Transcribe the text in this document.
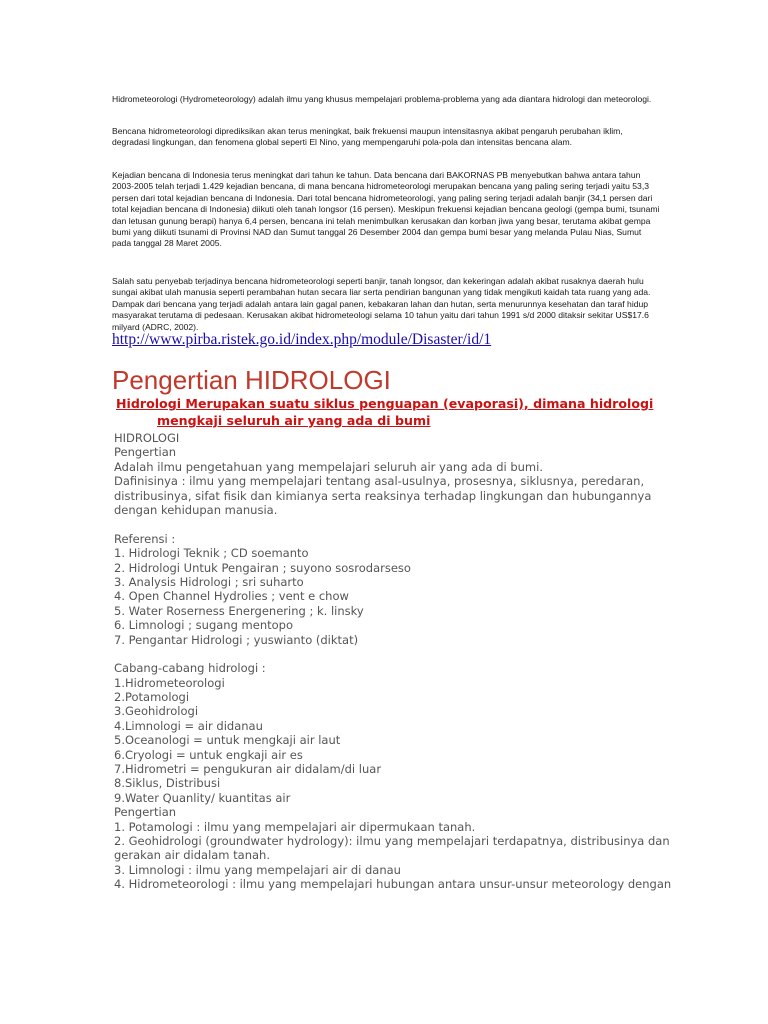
Hidrometeorologi (Hydrometeorology) adalah ilmu yang khusus mempelajari problema-problema yang ada diantara hidrologi dan meteorologi.

Bencana hidrometeorologi diprediksikan akan terus meningkat, baik frekuensi maupun intensitasnya akibat pengaruh perubahan iklim, degradasi lingkungan, dan fenomena global seperti El Nino, yang mempengaruhi pola-pola dan intensitas bencana alam.

Kejadian bencana di Indonesia terus meningkat dari tahun ke tahun. Data bencana dari BAKORNAS PB menyebutkan bahwa antara tahun 2003-2005 telah terjadi 1.429 kejadian bencana, di mana bencana hidrometeorologi merupakan bencana yang paling sering terjadi yaitu 53,3 persen dari total kejadian bencana di Indonesia. Dari total bencana hidrometeorologi, yang paling sering terjadi adalah banjir (34,1 persen dari total kejadian bencana di Indonesia) diikuti oleh tanah longsor (16 persen). Meskipun frekuensi kejadian bencana geologi (gempa bumi, tsunami dan letusan gunung berapi) hanya 6,4 persen, bencana ini telah menimbulkan kerusakan dan korban jiwa yang besar, terutama akibat gempa bumi yang diikuti tsunami di Provinsi NAD dan Sumut tanggal 26 Desember 2004 dan gempa bumi besar yang melanda Pulau Nias, Sumut pada tanggal 28 Maret 2005.

Salah satu penyebab terjadinya bencana hidrometeorologi seperti banjir, tanah longsor, dan kekeringan adalah akibat rusaknya daerah hulu sungai akibat ulah manusia seperti perambahan hutan secara liar serta pendirian bangunan yang tidak mengikuti kaidah tata ruang yang ada. Dampak dari bencana yang terjadi adalah antara lain gagal panen, kebakaran lahan dan hutan, serta menurunnya kesehatan dan taraf hidup masyarakat terutama di pedesaan. Kerusakan akibat hidrometeologi selama 10 tahun yaitu dari tahun 1991 s/d 2000 ditaksir sekitar US$17.6 milyard (ADRC, 2002).

http://www.pirba.ristek.go.id/index.php/module/Disaster/id/1
Pengertian HIDROLOGI
Hidrologi Merupakan suatu siklus penguapan (evaporasi), dimana hidrologi
mengkaji seluruh air yang ada di bumi
HIDROLOGI
Pengertian
Adalah ilmu pengetahuan yang mempelajari seluruh air yang ada di bumi.
Dafinisinya : ilmu yang mempelajari tentang asal-usulnya, prosesnya, siklusnya, peredaran, distribusinya, sifat fisik dan kimianya serta reaksinya terhadap lingkungan dan hubungannya dengan kehidupan manusia.
Referensi :
1. Hidrologi Teknik ; CD soemanto
2. Hidrologi Untuk Pengairan ; suyono sosrodarseso
3. Analysis Hidrologi ; sri suharto
4. Open Channel Hydrolies ; vent e chow
5. Water Roserness Energenering ; k. linsky
6. Limnologi ; sugang mentopo
7. Pengantar Hidrologi ; yuswianto (diktat)
Cabang-cabang hidrologi :
1.Hidrometeorologi
2.Potamologi
3.Geohidrologi
4.Limnologi = air didanau
5.Oceanologi = untuk mengkaji air laut
6.Cryologi = untuk engkaji air es
7.Hidrometri = pengukuran air didalam/di luar
8.Siklus, Distribusi
9.Water Quanlity/ kuantitas air
Pengertian
1. Potamologi : ilmu yang mempelajari air dipermukaan tanah.
2. Geohidrologi (groundwater hydrology): ilmu yang mempelajari terdapatnya, distribusinya dan gerakan air didalam tanah.
3. Limnologi : ilmu yang mempelajari air di danau
4. Hidrometeorologi : ilmu yang mempelajari hubungan antara unsur-unsur meteorology dengan
